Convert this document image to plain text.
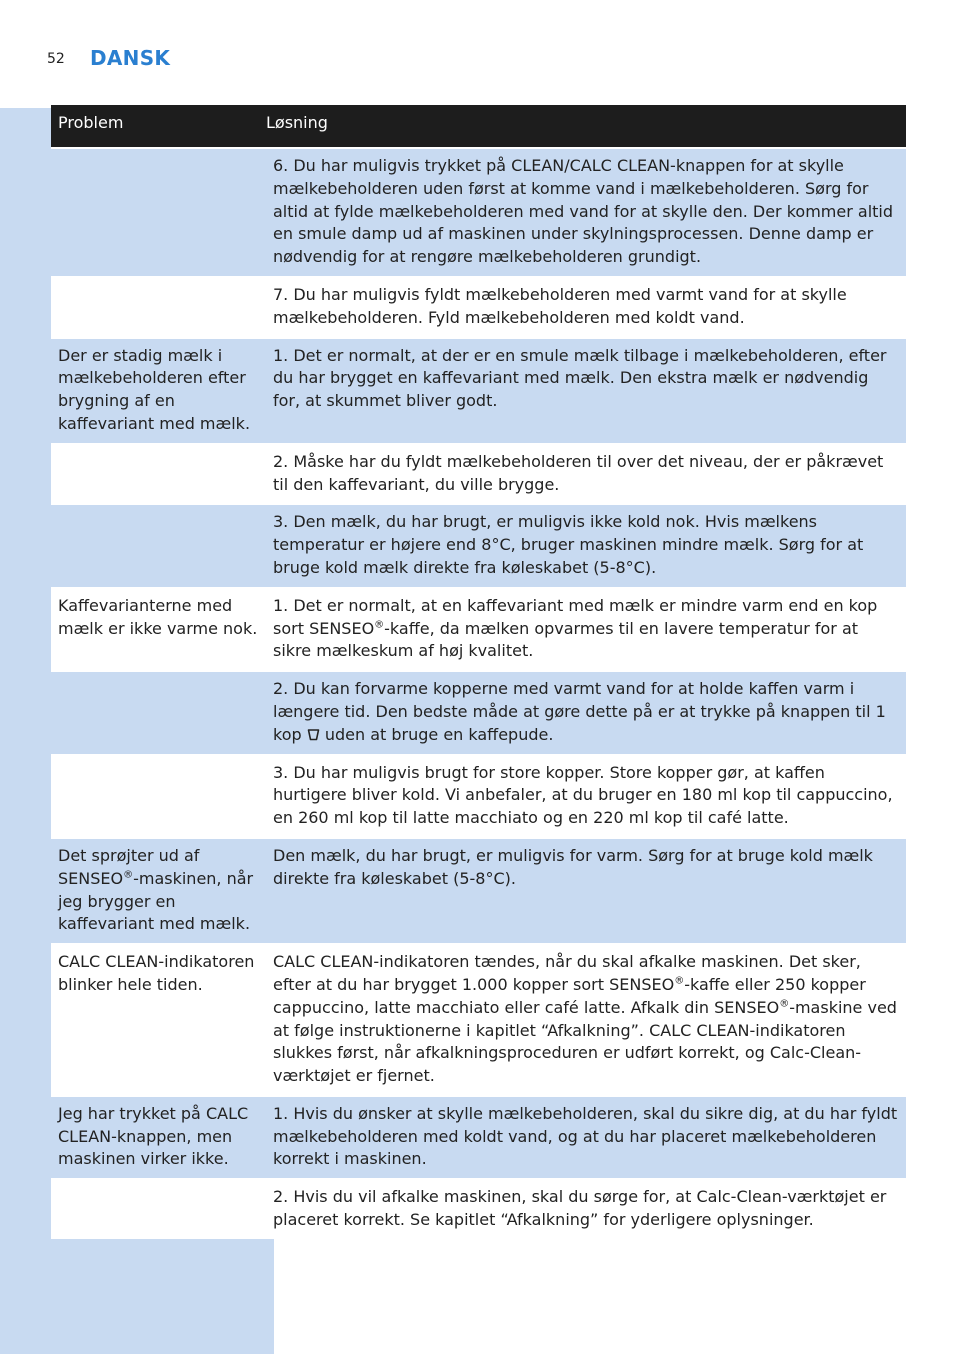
52 DANSK
Problem	Løsning
6. Du har muligvis trykket på CLEAN/CALC CLEAN-knappen for at skylle mælkebeholderen uden først at komme vand i mælkebeholderen. Sørg for altid at fylde mælkebeholderen med vand for at skylle den. Der kommer altid en smule damp ud af maskinen under skylningsprocessen. Denne damp er nødvendig for at rengøre mælkebeholderen grundigt.
7. Du har muligvis fyldt mælkebeholderen med varmt vand for at skylle mælkebeholderen. Fyld mælkebeholderen med koldt vand.
Der er stadig mælk i mælkebeholderen efter brygning af en kaffevariant med mælk.
1. Det er normalt, at der er en smule mælk tilbage i mælkebeholderen, efter du har brygget en kaffevariant med mælk. Den ekstra mælk er nødvendig for, at skummet bliver godt.
2. Måske har du fyldt mælkebeholderen til over det niveau, der er påkrævet til den kaffevariant, du ville brygge.
3. Den mælk, du har brugt, er muligvis ikke kold nok. Hvis mælkens temperatur er højere end 8°C, bruger maskinen mindre mælk. Sørg for at bruge kold mælk direkte fra køleskabet (5-8°C).
Kaffevarianterne med mælk er ikke varme nok.
1. Det er normalt, at en kaffevariant med mælk er mindre varm end en kop sort SENSEO®-kaffe, da mælken opvarmes til en lavere temperatur for at sikre mælkeskum af høj kvalitet.
2. Du kan forvarme kopperne med varmt vand for at holde kaffen varm i længere tid. Den bedste måde at gøre dette på er at trykke på knappen til 1 kop  uden at bruge en kaffepude.
3. Du har muligvis brugt for store kopper. Store kopper gør, at kaffen hurtigere bliver kold. Vi anbefaler, at du bruger en 180 ml kop til cappuccino, en 260 ml kop til latte macchiato og en 220 ml kop til café latte.
Det sprøjter ud af SENSEO®-maskinen, når jeg brygger en kaffevariant med mælk.
Den mælk, du har brugt, er muligvis for varm. Sørg for at bruge kold mælk direkte fra køleskabet (5-8°C).
CALC CLEAN-indikatoren blinker hele tiden.
CALC CLEAN-indikatoren tændes, når du skal afkalke maskinen. Det sker, efter at du har brygget 1.000 kopper sort SENSEO®-kaffe eller 250 kopper cappuccino, latte macchiato eller café latte. Afkalk din SENSEO®-maskine ved at følge instruktionerne i kapitlet “Afkalkning”. CALC CLEAN-indikatoren slukkes først, når afkalkningsproceduren er udført korrekt, og Calc-Clean-værktøjet er fjernet.
Jeg har trykket på CALC CLEAN-knappen, men maskinen virker ikke.
1. Hvis du ønsker at skylle mælkebeholderen, skal du sikre dig, at du har fyldt mælkebeholderen med koldt vand, og at du har placeret mælkebeholderen korrekt i maskinen.
2. Hvis du vil afkalke maskinen, skal du sørge for, at Calc-Clean-værktøjet er placeret korrekt. Se kapitlet “Afkalkning” for yderligere oplysninger.
